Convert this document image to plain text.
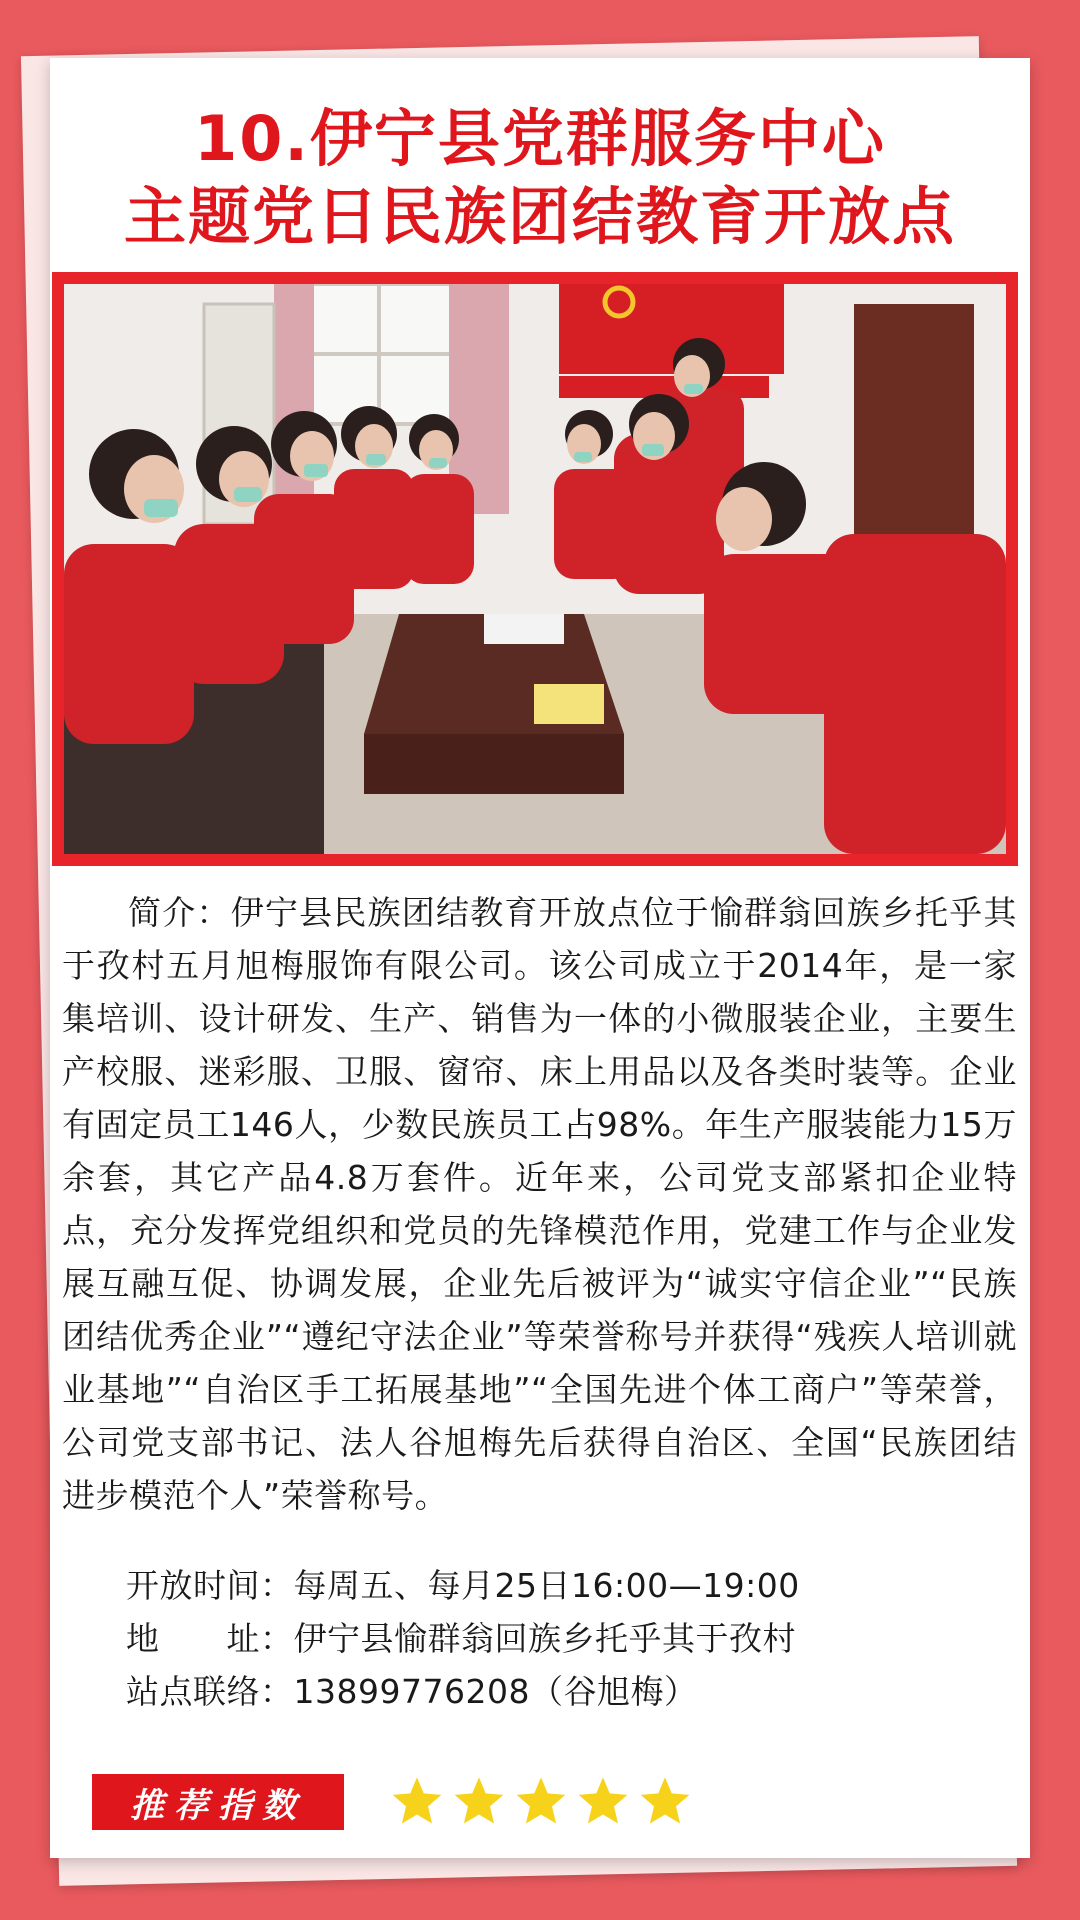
10.伊宁县党群服务中心
主题党日民族团结教育开放点
简介：伊宁县民族团结教育开放点位于愉群翁回族乡托乎其于孜村五月旭梅服饰有限公司。该公司成立于2014年，是一家集培训、设计研发、生产、销售为一体的小微服装企业，主要生产校服、迷彩服、卫服、窗帘、床上用品以及各类时装等。企业有固定员工146人，少数民族员工占98%。年生产服装能力15万余套，其它产品4.8万套件。近年来，公司党支部紧扣企业特点，充分发挥党组织和党员的先锋模范作用，党建工作与企业发展互融互促、协调发展，企业先后被评为“诚实守信企业”“民族团结优秀企业”“遵纪守法企业”等荣誉称号并获得“残疾人培训就业基地”“自治区手工拓展基地”“全国先进个体工商户”等荣誉，公司党支部书记、法人谷旭梅先后获得自治区、全国“民族团结进步模范个人”荣誉称号。
开放时间：每周五、每月25日16:00—19:00
地　　址：伊宁县愉群翁回族乡托乎其于孜村
站点联络：13899776208（谷旭梅）
推荐指数
